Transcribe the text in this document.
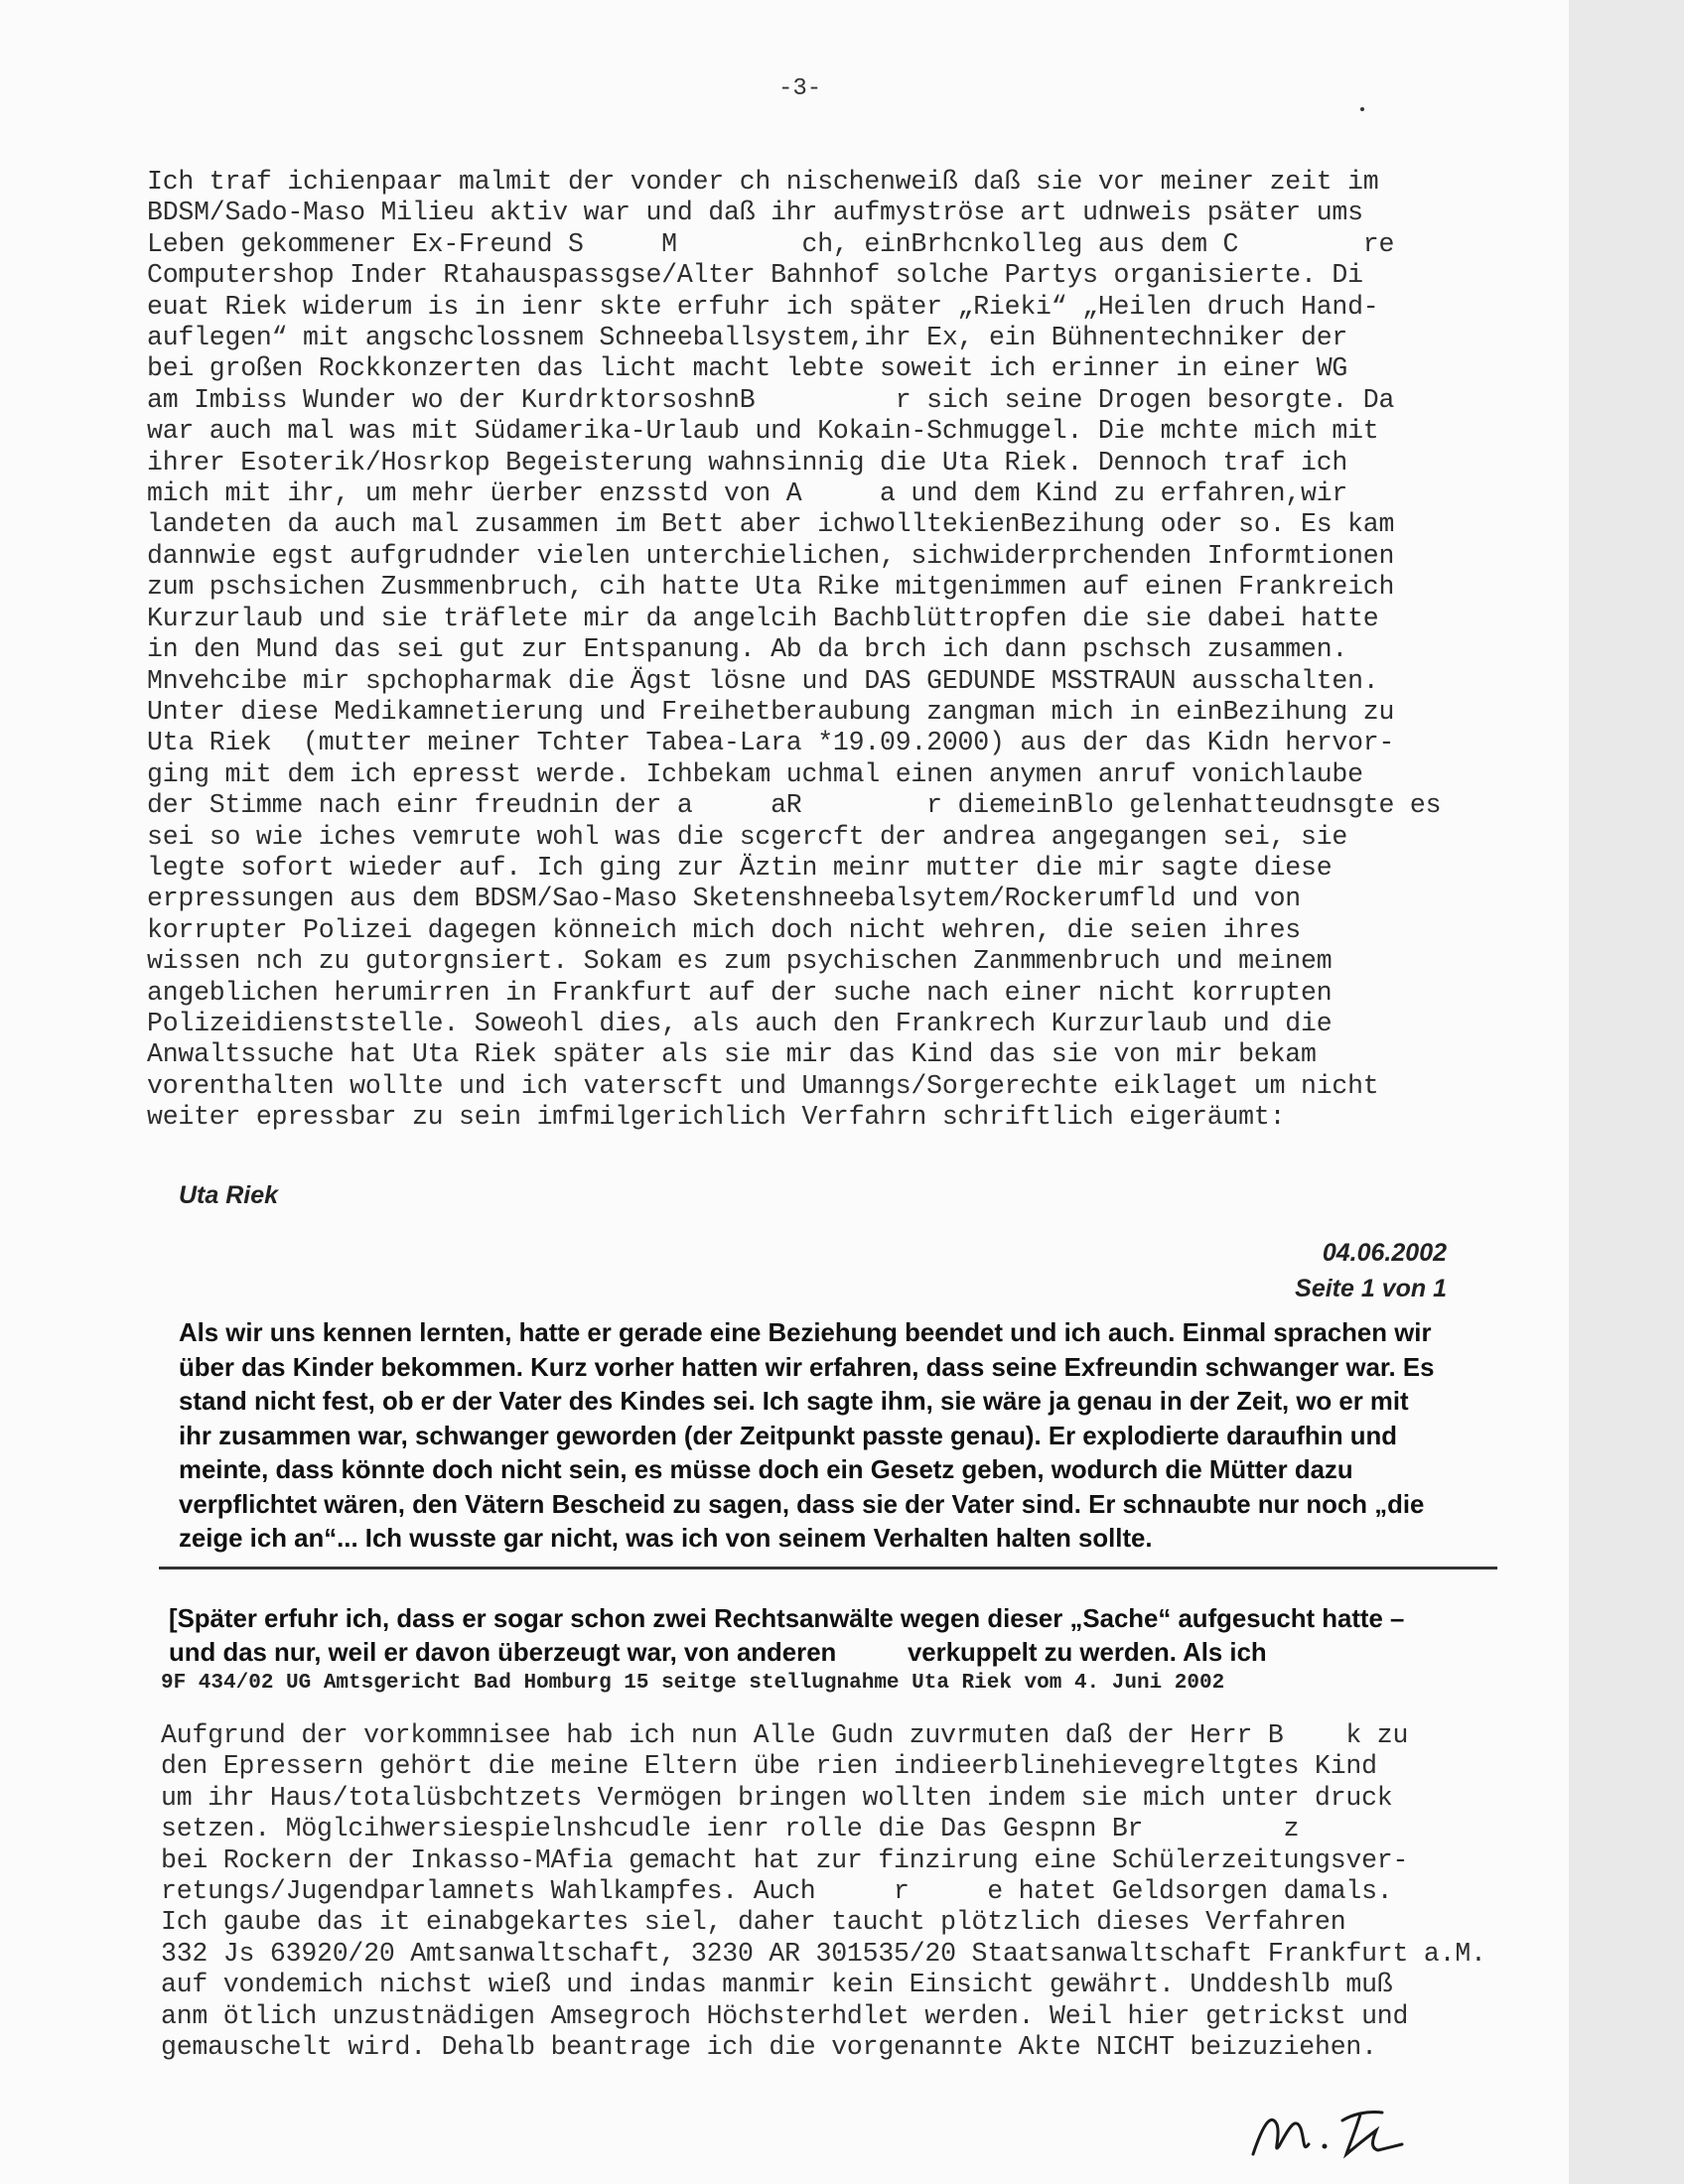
-3-
Ich traf ichienpaar malmit der vonder ch nischenweiß daß sie vor meiner zeit im
BDSM/Sado-Maso Milieu aktiv war und daß ihr aufmyströse art udnweis psäter ums
Leben gekommener Ex-Freund S     M        ch, einBrhcnkolleg aus dem C        re
Computershop Inder Rtahauspassgse/Alter Bahnhof solche Partys organisierte. Di
euat Riek widerum is in ienr skte erfuhr ich später „Rieki“ „Heilen druch Hand-
auflegen“ mit angschclossnem Schneeballsystem,ihr Ex, ein Bühnentechniker der
bei großen Rockkonzerten das licht macht lebte soweit ich erinner in einer WG
am Imbiss Wunder wo der KurdrktorsoshnB         r sich seine Drogen besorgte. Da
war auch mal was mit Südamerika-Urlaub und Kokain-Schmuggel. Die mchte mich mit
ihrer Esoterik/Hosrkop Begeisterung wahnsinnig die Uta Riek. Dennoch traf ich
mich mit ihr, um mehr üerber enzsstd von A     a und dem Kind zu erfahren,wir
landeten da auch mal zusammen im Bett aber ichwolltekienBezihung oder so. Es kam
dannwie egst aufgrudnder vielen unterchielichen, sichwiderprchenden Informtionen
zum pschsichen Zusmmenbruch, cih hatte Uta Rike mitgenimmen auf einen Frankreich
Kurzurlaub und sie träflete mir da angelcih Bachblüttropfen die sie dabei hatte
in den Mund das sei gut zur Entspanung. Ab da brch ich dann pschsch zusammen.
Mnvehcibe mir spchopharmak die Ägst lösne und DAS GEDUNDE MSSTRAUN ausschalten.
Unter diese Medikamnetierung und Freihetberaubung zangman mich in einBezihung zu
Uta Riek  (mutter meiner Tchter Tabea-Lara *19.09.2000) aus der das Kidn hervor-
ging mit dem ich epresst werde. Ichbekam uchmal einen anymen anruf vonichlaube
der Stimme nach einr freudnin der a     aR        r diemeinBlo gelenhatteudnsgte es
sei so wie iches vemrute wohl was die scgercft der andrea angegangen sei, sie
legte sofort wieder auf. Ich ging zur Äztin meinr mutter die mir sagte diese
erpressungen aus dem BDSM/Sao-Maso Sketenshneebalsytem/Rockerumfld und von
korrupter Polizei dagegen könneich mich doch nicht wehren, die seien ihres
wissen nch zu gutorgnsiert. Sokam es zum psychischen Zanmmenbruch und meinem
angeblichen herumirren in Frankfurt auf der suche nach einer nicht korrupten
Polizeidienststelle. Soweohl dies, als auch den Frankrech Kurzurlaub und die
Anwaltssuche hat Uta Riek später als sie mir das Kind das sie von mir bekam
vorenthalten wollte und ich vaterscft und Umanngs/Sorgerechte eiklaget um nicht
weiter epressbar zu sein imfmilgerichlich Verfahrn schriftlich eigeräumt:
Uta Riek
04.06.2002
Seite 1 von 1
Als wir uns kennen lernten, hatte er gerade eine Beziehung beendet und ich auch. Einmal sprachen wir
über das Kinder bekommen. Kurz vorher hatten wir erfahren, dass seine Exfreundin schwanger war. Es
stand nicht fest, ob er der Vater des Kindes sei. Ich sagte ihm, sie wäre ja genau in der Zeit, wo er mit
ihr zusammen war, schwanger geworden (der Zeitpunkt passte genau). Er explodierte daraufhin und
meinte, dass könnte doch nicht sein, es müsse doch ein Gesetz geben, wodurch die Mütter dazu
verpflichtet wären, den Vätern Bescheid zu sagen, dass sie der Vater sind. Er schnaubte nur noch „die
zeige ich an“... Ich wusste gar nicht, was ich von seinem Verhalten halten sollte.
[Später erfuhr ich, dass er sogar schon zwei Rechtsanwälte wegen dieser „Sache“ aufgesucht hatte –
und das nur, weil er davon überzeugt war, von anderen          verkuppelt zu werden. Als ich
9F 434/02 UG Amtsgericht Bad Homburg 15 seitge stellugnahme Uta Riek vom 4. Juni 2002
Aufgrund der vorkommnisee hab ich nun Alle Gudn zuvrmuten daß der Herr B    k zu
den Epressern gehört die meine Eltern übe rien indieerblinehievegreltgtes Kind
um ihr Haus/totalüsbchtzets Vermögen bringen wollten indem sie mich unter druck
setzen. Möglcihwersiespielnshcudle ienr rolle die Das Gespnn Br         z
bei Rockern der Inkasso-MAfia gemacht hat zur finzirung eine Schülerzeitungsver-
retungs/Jugendparlamnets Wahlkampfes. Auch     r     e hatet Geldsorgen damals.
Ich gaube das it einabgekartes siel, daher taucht plötzlich dieses Verfahren
332 Js 63920/20 Amtsanwaltschaft, 3230 AR 301535/20 Staatsanwaltschaft Frankfurt a.M.
auf vondemich nichst wieß und indas manmir kein Einsicht gewährt. Unddeshlb muß
anm ötlich unzustnädigen Amsegroch Höchsterhdlet werden. Weil hier getrickst und
gemauschelt wird. Dehalb beantrage ich die vorgenannte Akte NICHT beizuziehen.
